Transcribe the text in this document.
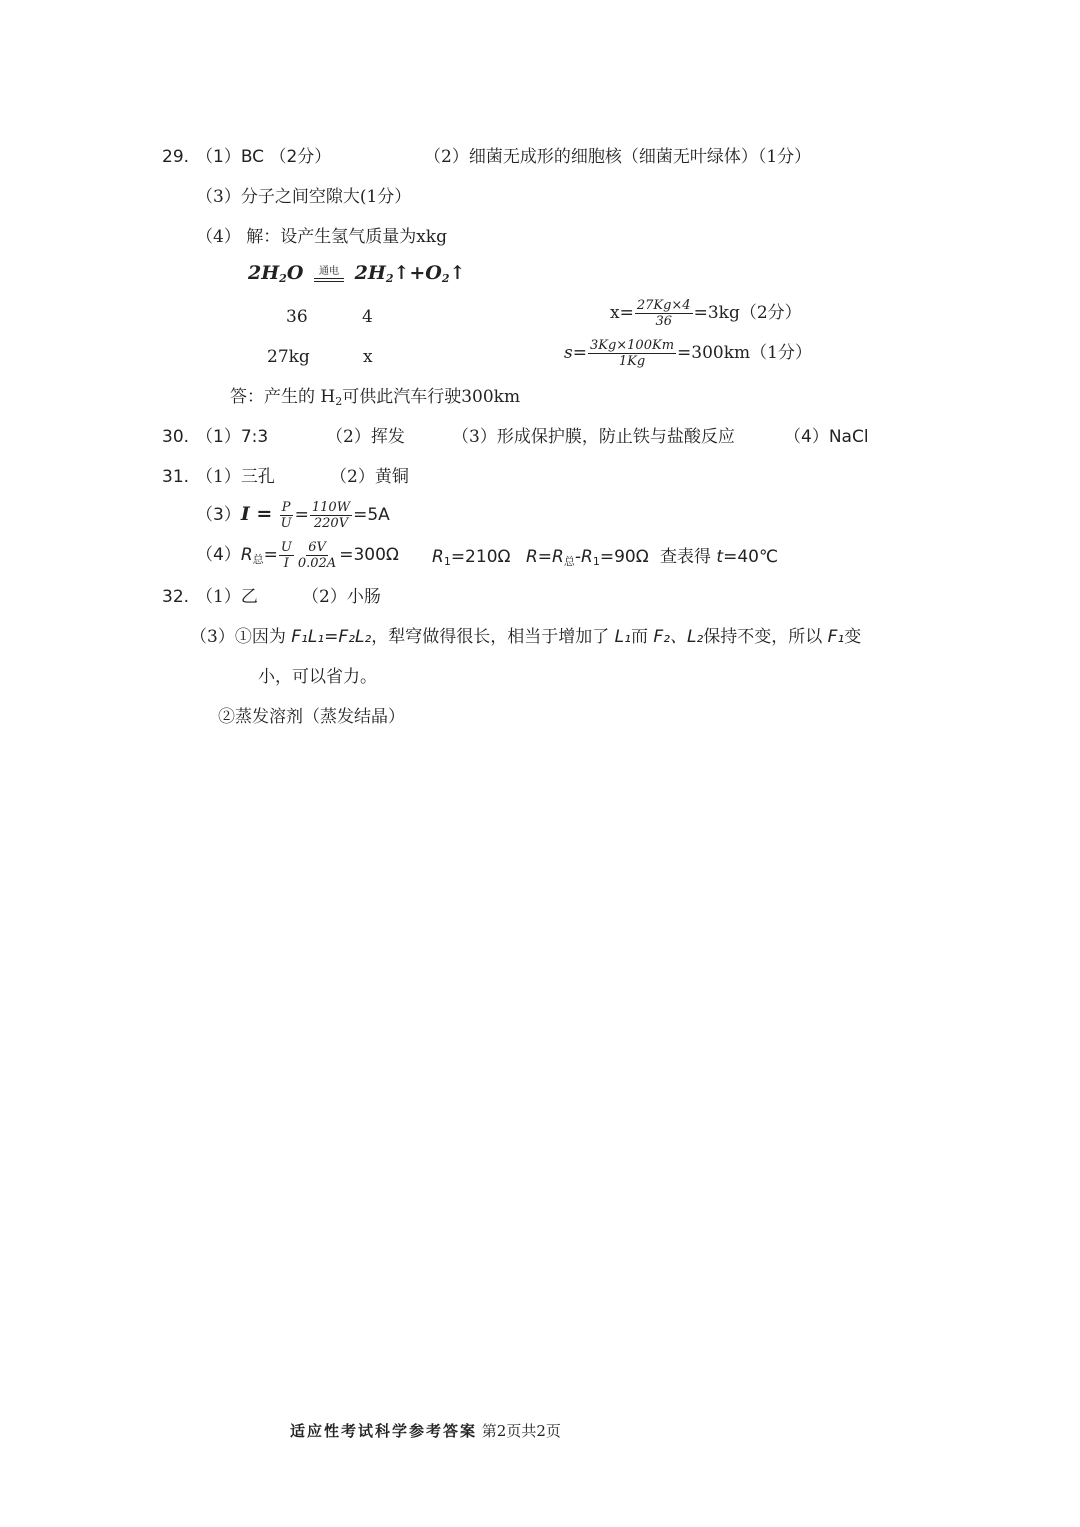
29. （1）BC （2分）	（2）细菌无成形的细胞核（细菌无叶绿体）（1分）
（3）分子之间空隙大(1分）
（4） 解：设产生氢气质量为xkg
$2H_2O$ 通电 $2H_2↑+O_2↑$
36	4
27kg	x
$x= \frac{27Kg\times 4}{36} =3kg(2$分）
$s= \frac{3Kg\times 100Km}{1Kg} =300km(1$分）
答：产生的 $H_2$可供此汽车行驶300km
30. （1）7:3	（2）挥发	（3）形成保护膜，防止铁与盐酸反应	（4）NaCl
31. （1）三孔	（2）黄铜
$(3)I = \frac{P}{U} = \frac{110W}{220V} =5A$
$(4)R_总= \frac{U}{I} \frac{6V}{0.02A} =300\Omega$ $R_1=210\Omega$ $R=R_总-R_1=90\Omega$ 查表得 t=40℃
32. （1）乙	（2）小肠
（3）①因为 F₁L₁=F₂L₂，犁穹做得很长，相当于增加了 L₁而 F₂、L₂保持不变，所以 F₁变
小，可以省力。
②蒸发溶剂（蒸发结晶）
适应性考试科学参考答案 第2页共2页
